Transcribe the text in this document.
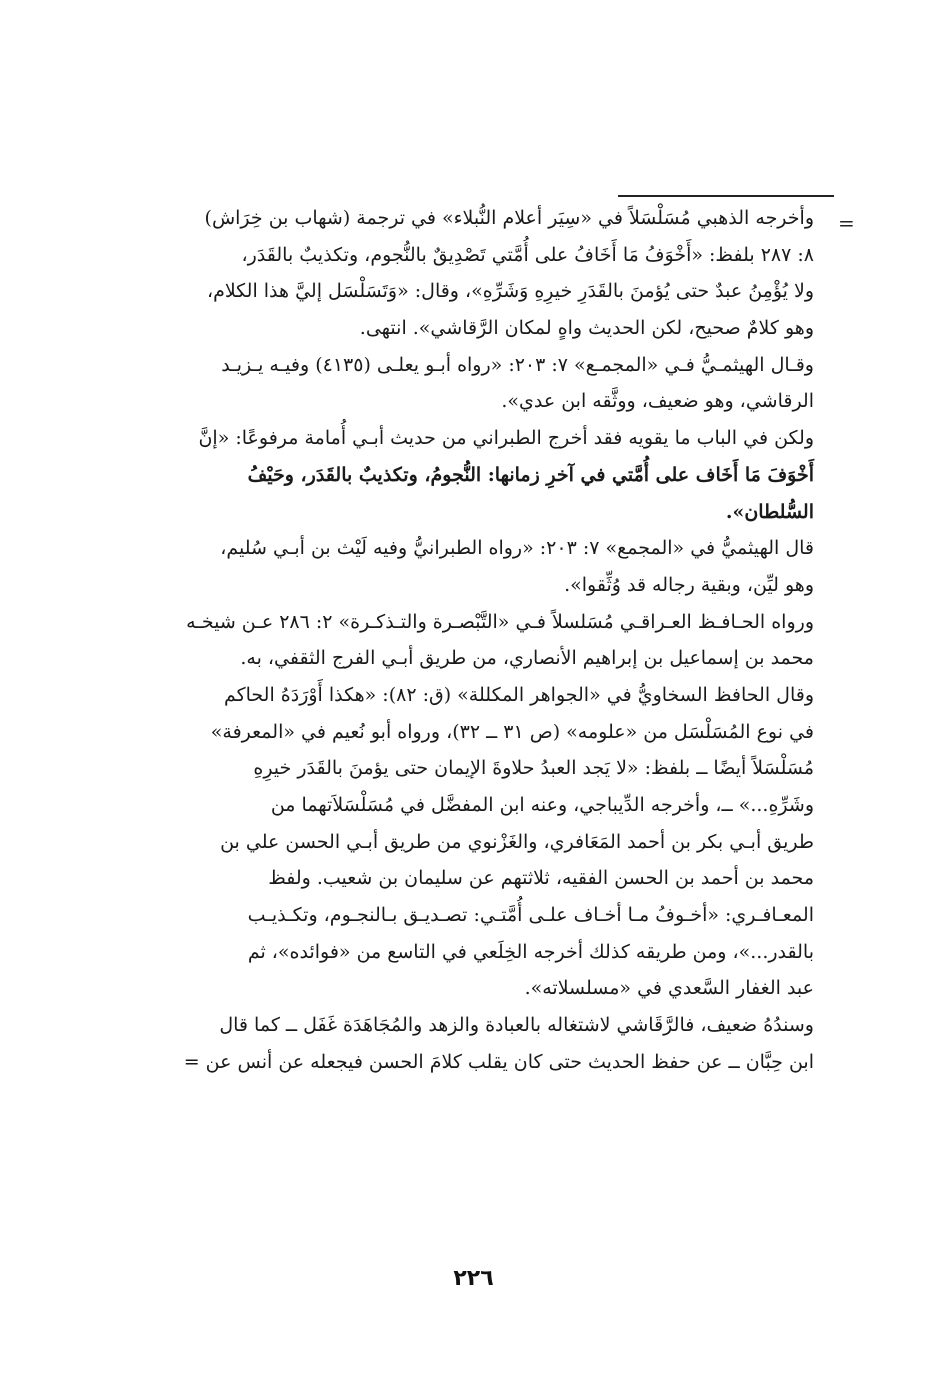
=
وأخرجه الذهبي مُسَلْسَلاً في «سِيَر أعلام النُّبلاء» في ترجمة (شهاب بن خِرَاش)
٨: ٢٨٧ بلفظ: «أَخْوَفُ مَا أَخَافُ على أُمَّتي تَصْدِيقٌ بالنُّجوم، وتكذيبٌ بالقَدَر،
ولا يُؤْمِنُ عبدٌ حتى يُؤمنَ بالقَدَرِ خيرِهِ وَشَرِّهِ»، وقال: «وَتَسَلْسَل إليَّ هذا الكلام،
وهو كلامٌ صحيح، لكن الحديث واهٍ لمكان الرَّقاشي». انتهى.
وقـال الهيثمـيُّ فـي «المجمـع» ٧: ٢٠٣: «رواه أبـو يعلـى (٤١٣٥) وفيـه يـزيـد
الرقاشي، وهو ضعيف، ووثَّقه ابن عدي».
ولكن في الباب ما يقويه فقد أخرج الطبراني من حديث أبـي أُمامة مرفوعًا: «إنَّ
أَخْوَفَ مَا أَخَاف على أُمَّتي في آخرِ زمانها: النُّجومُ، وتكذيبٌ بالقَدَر، وحَيْفُ
السُّلطان».
قال الهيثميُّ في «المجمع» ٧: ٢٠٣: «رواه الطبرانيُّ وفيه لَيْث بن أبـي سُليم،
وهو ليِّن، وبقية رجاله قد وُثِّقوا».
ورواه الحـافـظ العـراقـي مُسَلسلاً فـي «التَّبْصـرة والتـذكـرة» ٢: ٢٨٦ عـن شيخـه
محمد بن إسماعيل بن إبراهيم الأنصاري، من طريق أبـي الفرج الثقفي، به.
وقال الحافظ السخاويُّ في «الجواهر المكللة» (ق: ٨٢): «هكذا أَوْرَدَهُ الحاكم
في نوع المُسَلْسَل من «علومه» (ص ٣١ ــ ٣٢)، ورواه أبو نُعيم في «المعرفة»
مُسَلْسَلاً أيضًا ــ بلفظ: «لا يَجد العبدُ حلاوةَ الإيمان حتى يؤمنَ بالقَدَر خيرِهِ
وشَرِّهِ...» ــ، وأخرجه الدِّيباجي، وعنه ابن المفضَّل في مُسَلْسَلاَتهما من
طريق أبـي بكر بن أحمد المَعَافري، والغَزْنوي من طريق أبـي الحسن علي بن
محمد بن أحمد بن الحسن الفقيه، ثلاثتهم عن سليمان بن شعيب. ولفظ
المعـافـري: «أخـوفُ مـا أخـاف علـى أُمَّتـي: تصـديـق بـالنجـوم، وتكـذيـب
بالقدر...»، ومن طريقه كذلك أخرجه الخِلَعي في التاسع من «فوائده»، ثم
عبد الغفار السَّعدي في «مسلسلاته».
وسندُهُ ضعيف، فالرَّقَاشي لاشتغاله بالعبادة والزهد والمُجَاهَدَة غَفَل ــ كما قال
ابن حِبَّان ــ عن حفظ الحديث حتى كان يقلب كلامَ الحسن فيجعله عن أنس عن =
٢٢٦
